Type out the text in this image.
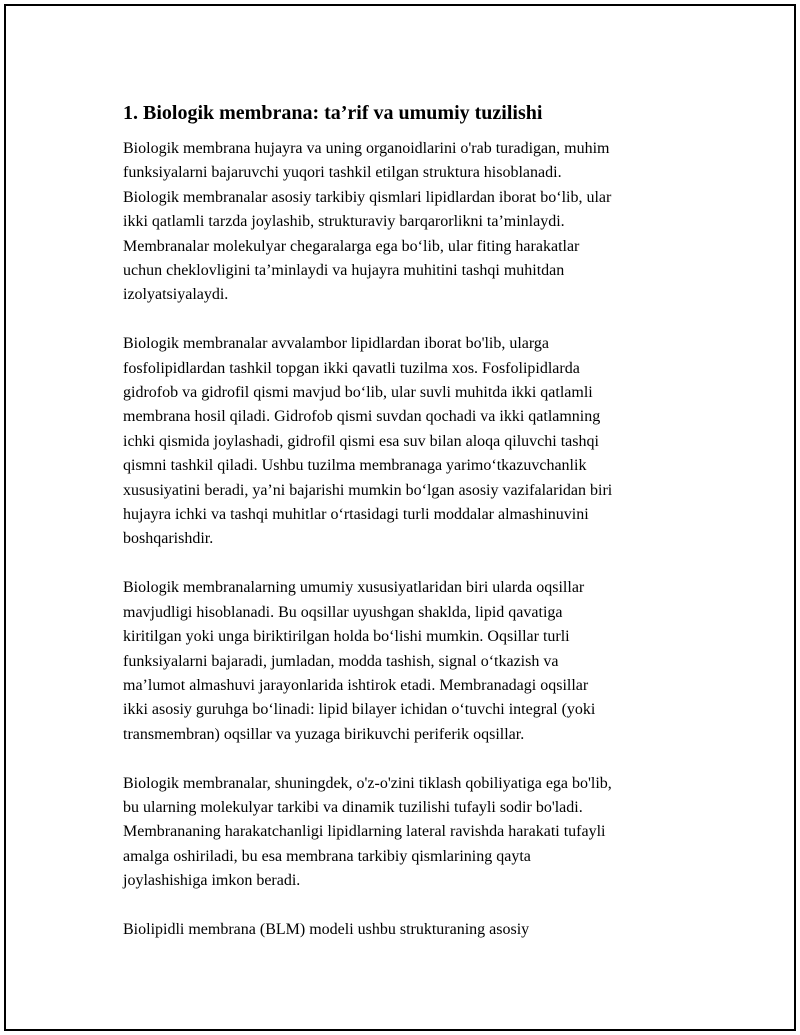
1. Biologik membrana: ta’rif va umumiy tuzilishi

Biologik membrana hujayra va uning organoidlarini o'rab turadigan, muhim
funksiyalarni bajaruvchi yuqori tashkil etilgan struktura hisoblanadi.
Biologik membranalar asosiy tarkibiy qismlari lipidlardan iborat bo‘lib, ular
ikki qatlamli tarzda joylashib, strukturaviy barqarorlikni ta’minlaydi.
Membranalar molekulyar chegaralarga ega bo‘lib, ular fiting harakatlar
uchun cheklovligini ta’minlaydi va hujayra muhitini tashqi muhitdan
izolyatsiyalaydi.

Biologik membranalar avvalambor lipidlardan iborat bo'lib, ularga
fosfolipidlardan tashkil topgan ikki qavatli tuzilma xos. Fosfolipidlarda
gidrofob va gidrofil qismi mavjud bo‘lib, ular suvli muhitda ikki qatlamli
membrana hosil qiladi. Gidrofob qismi suvdan qochadi va ikki qatlamning
ichki qismida joylashadi, gidrofil qismi esa suv bilan aloqa qiluvchi tashqi
qismni tashkil qiladi. Ushbu tuzilma membranaga yarimo‘tkazuvchanlik
xususiyatini beradi, ya’ni bajarishi mumkin bo‘lgan asosiy vazifalaridan biri
hujayra ichki va tashqi muhitlar o‘rtasidagi turli moddalar almashinuvini
boshqarishdir.

Biologik membranalarning umumiy xususiyatlaridan biri ularda oqsillar
mavjudligi hisoblanadi. Bu oqsillar uyushgan shaklda, lipid qavatiga
kiritilgan yoki unga biriktirilgan holda bo‘lishi mumkin. Oqsillar turli
funksiyalarni bajaradi, jumladan, modda tashish, signal o‘tkazish va
ma’lumot almashuvi jarayonlarida ishtirok etadi. Membranadagi oqsillar
ikki asosiy guruhga bo‘linadi: lipid bilayer ichidan o‘tuvchi integral (yoki
transmembran) oqsillar va yuzaga birikuvchi periferik oqsillar.

Biologik membranalar, shuningdek, o'z-o'zini tiklash qobiliyatiga ega bo'lib,
bu ularning molekulyar tarkibi va dinamik tuzilishi tufayli sodir bo'ladi.
Membrananing harakatchanligi lipidlarning lateral ravishda harakati tufayli
amalga oshiriladi, bu esa membrana tarkibiy qismlarining qayta
joylashishiga imkon beradi.

Biolipidli membrana (BLM) modeli ushbu strukturaning asosiy
